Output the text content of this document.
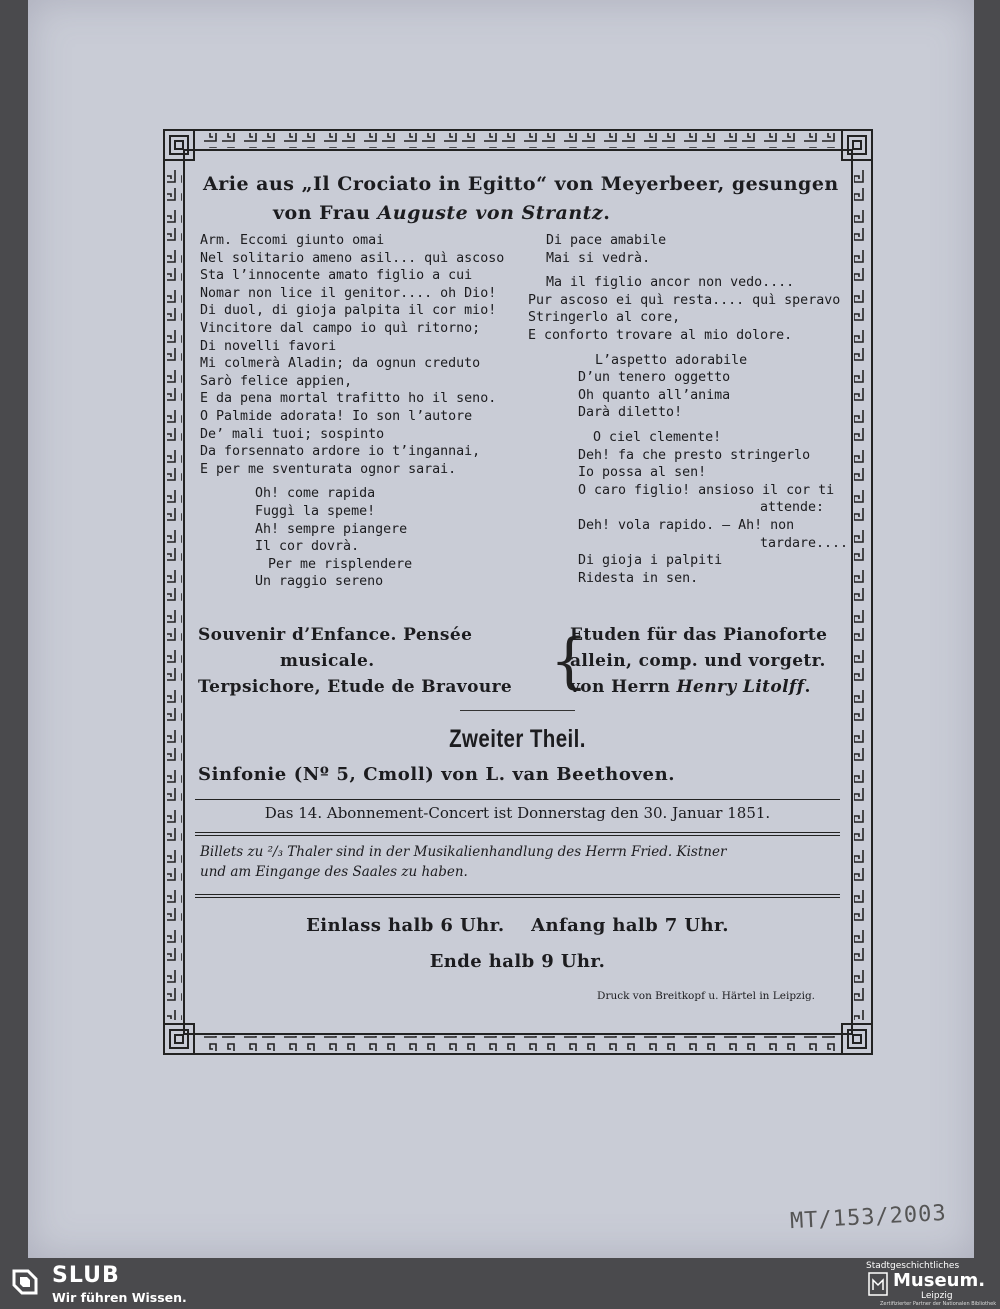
Arie aus „Il Crociato in Egitto“ von Meyerbeer, gesungen
von Frau Auguste von Strantz.
Arm. Eccomi giunto omai
Nel solitario ameno asil... quì ascoso
Sta l’innocente amato figlio a cui
Nomar non lice il genitor.... oh Dio!
Di duol, di gioja palpita il cor mio!
Vincitore dal campo io quì ritorno;
Di novelli favori
Mi colmerà Aladin; da ognun creduto
Sarò felice appien,
E da pena mortal trafitto ho il seno.
O Palmide adorata! Io son l’autore
De’ mali tuoi; sospinto
Da forsennato ardore io t’ingannai,
E per me sventurata ognor sarai.
Oh! come rapida
Fuggì la speme!
Ah! sempre piangere
Il cor dovrà.
Per me risplendere
Un raggio sereno
Di pace amabile
Mai si vedrà.
Ma il figlio ancor non vedo....
Pur ascoso ei quì resta.... quì speravo
Stringerlo al core,
E conforto trovare al mio dolore.
L’aspetto adorabile
D’un tenero oggetto
Oh quanto all’anima
Darà diletto!
O ciel clemente!
Deh! fa che presto stringerlo
Io possa al sen!
O caro figlio! ansioso il cor ti
attende:
Deh! vola rapido. — Ah! non
tardare....
Di gioja i palpiti
Ridesta in sen.
Souvenir d’Enfance. Pensée
musicale.
Terpsichore, Etude de Bravoure {
Etuden für das Pianoforte
allein, comp. und vorgetr.
von Herrn Henry Litolff.
Zweiter Theil.
Sinfonie (Nº 5, Cmoll) von L. van Beethoven.
Das 14. Abonnement-Concert ist Donnerstag den 30. Januar 1851.
Billets zu ²/₃ Thaler sind in der Musikalienhandlung des Herrn Fried. Kistner
und am Eingange des Saales zu haben.
Einlass halb 6 Uhr. Anfang halb 7 Uhr.
Ende halb 9 Uhr.
Druck von Breitkopf u. Härtel in Leipzig.
MT/153/2003
SLUB
Wir führen Wissen.
Stadtgeschichtliches
Museum.
Leipzig
Zertifizierter Partner der Nationalen Bibliothek
